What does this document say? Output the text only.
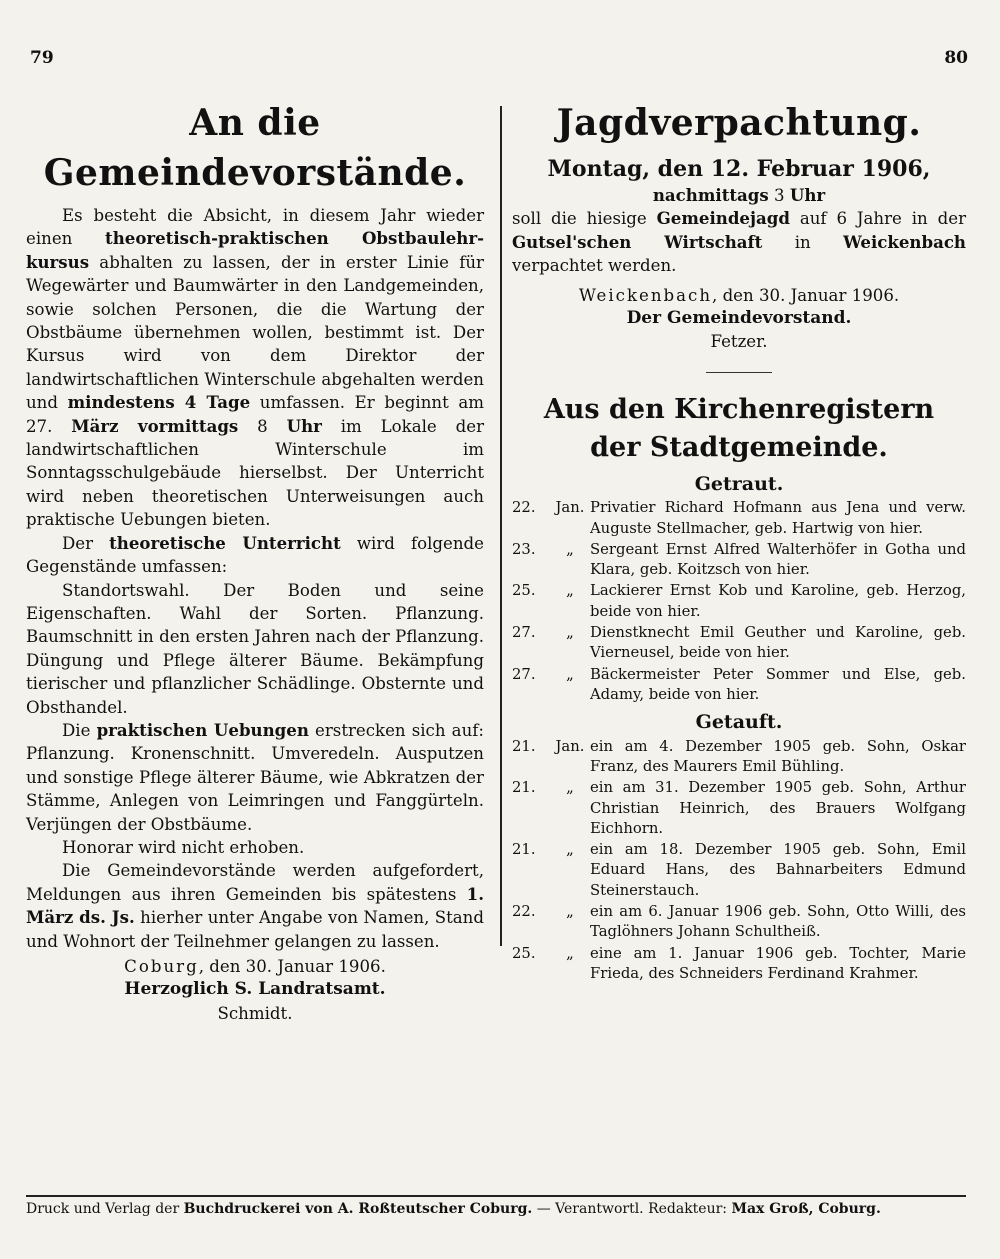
79	80
An die Gemeindevorstände.

Es besteht die Absicht, in diesem Jahr wieder einen theoretisch-praktischen Obstbaulehr-kursus abhalten zu lassen, der in erster Linie für Wegewärter und Baumwärter in den Landgemeinden, sowie solchen Personen, die die Wartung der Obstbäume übernehmen wollen, bestimmt ist. Der Kursus wird von dem Direktor der landwirtschaftlichen Winterschule abgehalten werden und mindestens 4 Tage umfassen. Er beginnt am 27. März vormittags 8 Uhr im Lokale der landwirtschaftlichen Winterschule im Sonntagsschulgebäude hierselbst. Der Unterricht wird neben theoretischen Unterweisungen auch praktische Uebungen bieten.

Der theoretische Unterricht wird folgende Gegenstände umfassen:

Standortswahl. Der Boden und seine Eigenschaften. Wahl der Sorten. Pflanzung. Baumschnitt in den ersten Jahren nach der Pflanzung. Düngung und Pflege älterer Bäume. Bekämpfung tierischer und pflanzlicher Schädlinge. Obsternte und Obsthandel.

Die praktischen Uebungen erstrecken sich auf: Pflanzung. Kronenschnitt. Umveredeln. Ausputzen und sonstige Pflege älterer Bäume, wie Abkratzen der Stämme, Anlegen von Leimringen und Fanggürteln. Verjüngen der Obstbäume.

Honorar wird nicht erhoben.

Die Gemeindevorstände werden aufgefordert, Meldungen aus ihren Gemeinden bis spätestens 1. März ds. Js. hierher unter Angabe von Namen, Stand und Wohnort der Teilnehmer gelangen zu lassen.

Coburg, den 30. Januar 1906.

Herzoglich S. Landratsamt.
Schmidt.
Jagdverpachtung.
Montag, den 12. Februar 1906,
nachmittags 3 Uhr

soll die hiesige Gemeindejagd auf 6 Jahre in der Gutsel'schen Wirtschaft in Weickenbach verpachtet werden.

Weickenbach, den 30. Januar 1906.

Der Gemeindevorstand.
Fetzer.
Aus den Kirchenregistern
der Stadtgemeinde.
Getraut.
22.	Jan. Privatier Richard Hofmann aus Jena und verw. Auguste Stellmacher, geb. Hartwig von hier.
23.	„	Sergeant Ernst Alfred Walterhöfer in Gotha und Klara, geb. Koitzsch von hier.
25.	„	Lackierer Ernst Kob und Karoline, geb. Herzog, beide von hier.
27.	„	Dienstknecht Emil Geuther und Karoline, geb. Vierneusel, beide von hier.
27.	„	Bäckermeister Peter Sommer und Else, geb. Adamy, beide von hier.
Getauft.
21.	Jan. ein am 4. Dezember 1905 geb. Sohn, Oskar Franz, des Maurers Emil Bühling.
21.	„	ein am 31. Dezember 1905 geb. Sohn, Arthur Christian Heinrich, des Brauers Wolfgang Eichhorn.
21.	„	ein am 18. Dezember 1905 geb. Sohn, Emil Eduard Hans, des Bahnarbeiters Edmund Steinerstauch.
22.	„	ein am 6. Januar 1906 geb. Sohn, Otto Willi, des Taglöhners Johann Schultheiß.
25.	„	eine am 1. Januar 1906 geb. Tochter, Marie Frieda, des Schneiders Ferdinand Krahmer.
Druck und Verlag der Buchdruckerei von A. Roßteutscher Coburg. — Verantwortl. Redakteur: Max Groß, Coburg.
